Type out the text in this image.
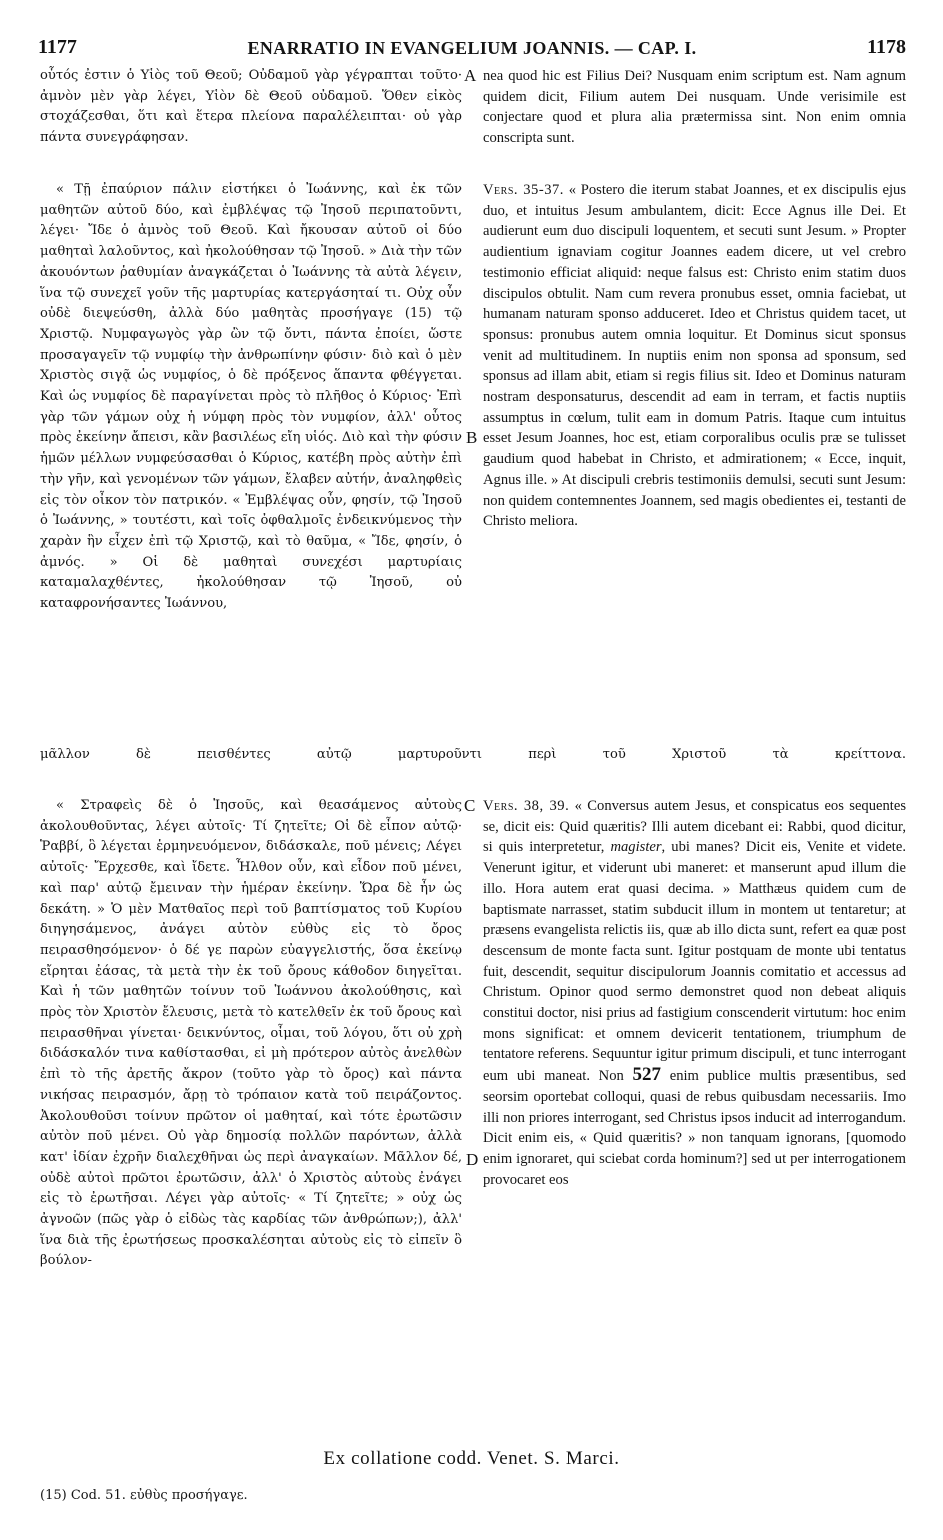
1177	ENARRATIO IN EVANGELIUM JOANNIS. — CAP. I.	1178
A
B
C
D

οὗτός ἐστιν ὁ Υἱὸς τοῦ Θεοῦ; Οὐδαμοῦ γὰρ γέγραπται τοῦτο· ἀμνὸν μὲν γὰρ λέγει, Υἱὸν δὲ Θεοῦ οὐδαμοῦ. Ὅθεν εἰκὸς στοχάζεσθαι, ὅτι καὶ ἕτερα πλείονα παραλέλειπται· οὐ γὰρ πάντα συνεγράφησαν.

nea quod hic est Filius Dei? Nusquam enim scriptum est. Nam agnum quidem dicit, Filium autem Dei nusquam. Unde verisimile est conjectare quod et plura alia prætermissa sint. Non enim omnia conscripta sunt.

« Τῇ ἐπαύριον πάλιν εἱστήκει ὁ Ἰωάννης, καὶ ἐκ τῶν μαθητῶν αὐτοῦ δύο, καὶ ἐμβλέψας τῷ Ἰησοῦ περιπατοῦντι, λέγει· Ἴδε ὁ ἀμνὸς τοῦ Θεοῦ. Καὶ ἤκουσαν αὐτοῦ οἱ δύο μαθηταὶ λαλοῦντος, καὶ ἠκολούθησαν τῷ Ἰησοῦ. » Διὰ τὴν τῶν ἀκουόντων ῥαθυμίαν ἀναγκάζεται ὁ Ἰωάννης τὰ αὐτὰ λέγειν, ἵνα τῷ συνεχεῖ γοῦν τῆς μαρτυρίας κατεργάσηταί τι. Οὐχ οὖν οὐδὲ διεψεύσθη, ἀλλὰ δύο μαθητὰς προσήγαγε (15) τῷ Χριστῷ. Νυμφαγωγὸς γὰρ ὢν τῷ ὄντι, πάντα ἐποίει, ὥστε προσαγαγεῖν τῷ νυμφίῳ τὴν ἀνθρωπίνην φύσιν· διὸ καὶ ὁ μὲν Χριστὸς σιγᾷ ὡς νυμφίος, ὁ δὲ πρόξενος ἅπαντα φθέγγεται. Καὶ ὡς νυμφίος δὲ παραγίνεται πρὸς τὸ πλῆθος ὁ Κύριος· Ἐπὶ γὰρ τῶν γάμων οὐχ ἡ νύμφη πρὸς τὸν νυμφίον, ἀλλ' οὗτος πρὸς ἐκείνην ἄπεισι, κἂν βασιλέως εἴη υἱός. Διὸ καὶ τὴν φύσιν ἡμῶν μέλλων νυμφεύσασθαι ὁ Κύριος, κατέβη πρὸς αὐτὴν ἐπὶ τὴν γῆν, καὶ γενομένων τῶν γάμων, ἔλαβεν αὐτήν, ἀναληφθεὶς εἰς τὸν οἶκον τὸν πατρικόν. « Ἐμβλέψας οὖν, φησίν, τῷ Ἰησοῦ ὁ Ἰωάννης, » τουτέστι, καὶ τοῖς ὀφθαλμοῖς ἐνδεικνύμενος τὴν χαρὰν ἣν εἶχεν ἐπὶ τῷ Χριστῷ, καὶ τὸ θαῦμα, « Ἴδε, φησίν, ὁ ἀμνός. » Οἱ δὲ μαθηταὶ συνεχέσι μαρτυρίαις καταμαλαχθέντες, ἠκολούθησαν τῷ Ἰησοῦ, οὐ καταφρονήσαντες Ἰωάννου,

Vers. 35-37. « Postero die iterum stabat Joannes, et ex discipulis ejus duo, et intuitus Jesum ambulantem, dicit: Ecce Agnus ille Dei. Et audierunt eum duo discipuli loquentem, et secuti sunt Jesum. » Propter audientium ignaviam cogitur Joannes eadem dicere, ut vel crebro testimonio efficiat aliquid: neque falsus est: Christo enim statim duos discipulos obtulit. Nam cum revera pronubus esset, omnia faciebat, ut humanam naturam sponso adduceret. Ideo et Christus quidem tacet, ut sponsus: pronubus autem omnia loquitur. Et Dominus sicut sponsus venit ad multitudinem. In nuptiis enim non sponsa ad sponsum, sed sponsus ad illam abit, etiam si regis filius sit. Ideo et Dominus naturam nostram desponsaturus, descendit ad eam in terram, et factis nuptiis assumptus in cœlum, tulit eam in domum Patris. Itaque cum intuitus esset Jesum Joannes, hoc est, etiam corporalibus oculis præ se tulisset gaudium quod habebat in Christo, et admirationem; « Ecce, inquit, Agnus ille. » At discipuli crebris testimoniis demulsi, secuti sunt Jesum: non quidem contemnentes Joannem, sed magis obedientes ei, testanti de Christo meliora.

μᾶλλον δὲ πεισθέντες αὐτῷ μαρτυροῦντι περὶ τοῦ Χριστοῦ τὰ κρείττονα.

« Στραφεὶς δὲ ὁ Ἰησοῦς, καὶ θεασάμενος αὐτοὺς ἀκολουθοῦντας, λέγει αὐτοῖς· Τί ζητεῖτε; Οἱ δὲ εἶπον αὐτῷ· Ῥαββί, ὃ λέγεται ἑρμηνευόμενον, διδάσκαλε, ποῦ μένεις; Λέγει αὐτοῖς· Ἔρχεσθε, καὶ ἴδετε. Ἦλθον οὖν, καὶ εἶδον ποῦ μένει, καὶ παρ' αὐτῷ ἔμειναν τὴν ἡμέραν ἐκείνην. Ὥρα δὲ ἦν ὡς δεκάτη. » Ὁ μὲν Ματθαῖος περὶ τοῦ βαπτίσματος τοῦ Κυρίου διηγησάμενος, ἀνάγει αὐτὸν εὐθὺς εἰς τὸ ὄρος πειρασθησόμενον· ὁ δέ γε παρὼν εὐαγγελιστής, ὅσα ἐκείνῳ εἴρηται ἐάσας, τὰ μετὰ τὴν ἐκ τοῦ ὄρους κάθοδον διηγεῖται. Καὶ ἡ τῶν μαθητῶν τοίνυν τοῦ Ἰωάννου ἀκολούθησις, καὶ πρὸς τὸν Χριστὸν ἔλευσις, μετὰ τὸ κατελθεῖν ἐκ τοῦ ὄρους καὶ πειρασθῆναι γίνεται· δεικνύντος, οἶμαι, τοῦ λόγου, ὅτι οὐ χρὴ διδάσκαλόν τινα καθίστασθαι, εἰ μὴ πρότερον αὐτὸς ἀνελθὼν ἐπὶ τὸ τῆς ἀρετῆς ἄκρον (τοῦτο γὰρ τὸ ὄρος) καὶ πάντα νικήσας πειρασμόν, ἄρῃ τὸ τρόπαιον κατὰ τοῦ πειράζοντος. Ἀκολουθοῦσι τοίνυν πρῶτον οἱ μαθηταί, καὶ τότε ἐρωτῶσιν αὐτὸν ποῦ μένει. Οὐ γὰρ δημοσίᾳ πολλῶν παρόντων, ἀλλὰ κατ' ἰδίαν ἐχρῆν διαλεχθῆναι ὡς περὶ ἀναγκαίων. Μᾶλλον δέ, οὐδὲ αὐτοὶ πρῶτοι ἐρωτῶσιν, ἀλλ' ὁ Χριστὸς αὐτοὺς ἐνάγει εἰς τὸ ἐρωτῆσαι. Λέγει γὰρ αὐτοῖς· « Τί ζητεῖτε; » οὐχ ὡς ἀγνοῶν (πῶς γὰρ ὁ εἰδὼς τὰς καρδίας τῶν ἀνθρώπων;), ἀλλ' ἵνα διὰ τῆς ἐρωτήσεως προσκαλέσηται αὐτοὺς εἰς τὸ εἰπεῖν ὃ βούλον-

Vers. 38, 39. « Conversus autem Jesus, et conspicatus eos sequentes se, dicit eis: Quid quæritis? Illi autem dicebant ei: Rabbi, quod dicitur, si quis interpretetur, magister, ubi manes? Dicit eis, Venite et videte. Venerunt igitur, et viderunt ubi maneret: et manserunt apud illum die illo. Hora autem erat quasi decima. » Matthæus quidem cum de baptismate narrasset, statim subducit illum in montem ut tentaretur; at præsens evangelista relictis iis, quæ ab illo dicta sunt, refert ea quæ post descensum de monte facta sunt. Igitur postquam de monte ubi tentatus fuit, descendit, sequitur discipulorum Joannis comitatio et accessus ad Christum. Opinor quod sermo demonstret quod non debeat aliquis constitui doctor, nisi prius ad fastigium conscenderit virtutum: hoc enim mons significat: et omnem devicerit tentationem, triumphum de tentatore referens. Sequuntur igitur primum discipuli, et tunc interrogant eum ubi maneat. Non 527 enim publice multis præsentibus, sed seorsim oportebat colloqui, quasi de rebus quibusdam necessariis. Imo illi non priores interrogant, sed Christus ipsos inducit ad interrogandum. Dicit enim eis, « Quid quæritis? » non tanquam ignorans, [quomodo enim ignoraret, qui sciebat corda hominum?] sed ut per interrogationem provocaret eos

Ex collatione codd. Venet. S. Marci.
(15) Cod. 51. εὐθὺς προσήγαγε.
